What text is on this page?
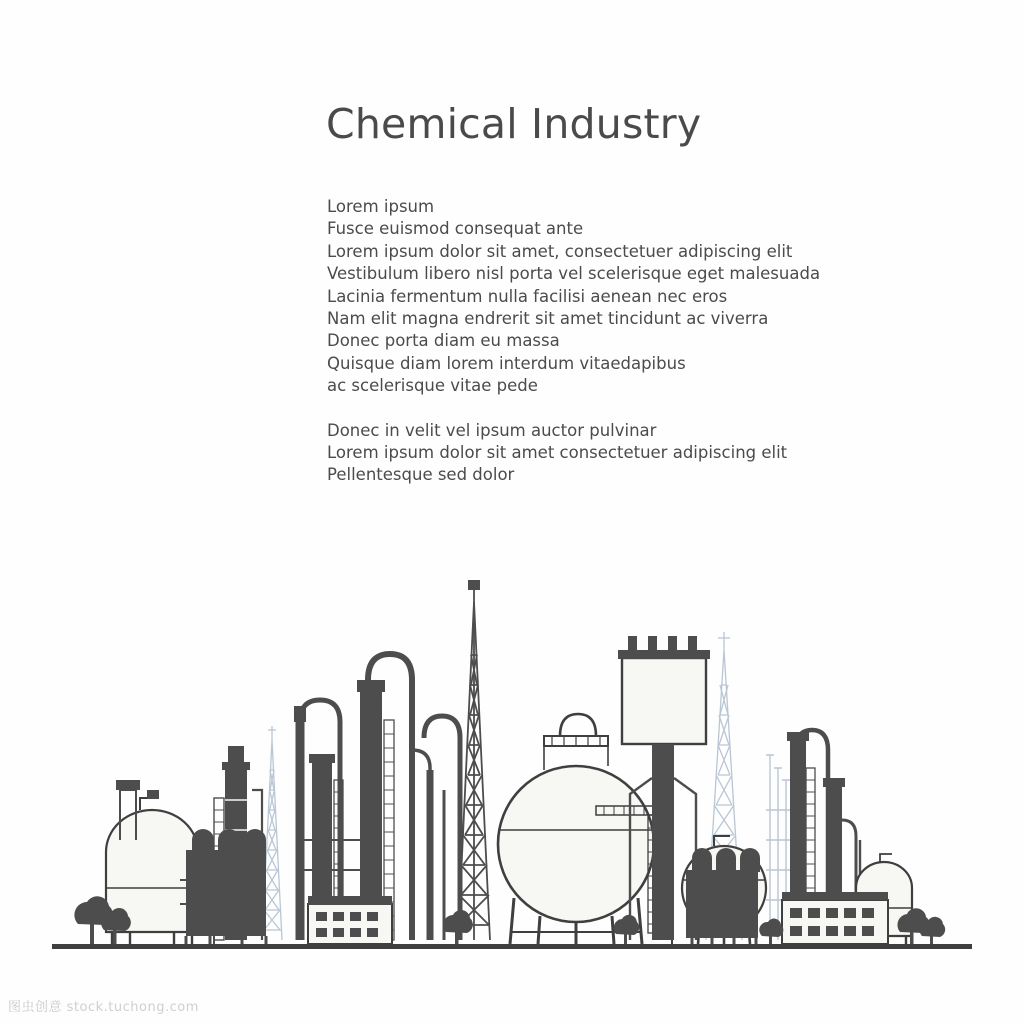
Chemical Industry
Lorem ipsum
Fusce euismod consequat ante
Lorem ipsum dolor sit amet, consectetuer adipiscing elit
Vestibulum libero nisl porta vel scelerisque eget malesuada
Lacinia fermentum nulla facilisi aenean nec eros
Nam elit magna endrerit sit amet tincidunt ac viverra
Donec porta diam eu massa
Quisque diam lorem interdum vitaedapibus
ac scelerisque vitae pede
Donec in velit vel ipsum auctor pulvinar
Lorem ipsum dolor sit amet consectetuer adipiscing elit
Pellentesque sed dolor
图虫创意 stock.tuchong.com
